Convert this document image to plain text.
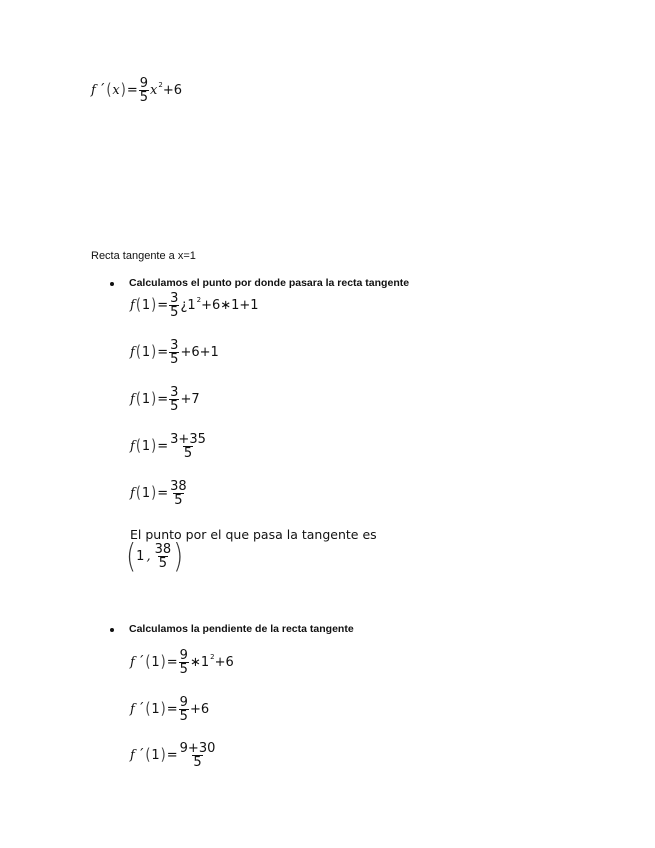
f ´ ( x ) = $\frac{9}{5}$ x 2 +6
Recta tangente a x=1
Calculamos el punto por donde pasara la recta tangente
f ( 1 ) = $\frac{3}{5}$ ¿1 2 +6∗1+1
f ( 1 ) = $\frac{3}{5} +6+1$
f ( 1 ) = $\frac{3}{5} +7$
f ( 1 ) = $\frac{3+35}{5}$
f ( 1 ) = $\frac{38}{5}$
El punto por el que pasa la tangente es
( 1 , $\frac{38}{5}$ )
Calculamos la pendiente de la recta tangente
f ´ ( 1 ) = $\frac{9}{5}$ ∗1 2 +6
f ´ ( 1 ) = $\frac{9}{5} +6$
f ´ ( 1 ) = $\frac{9+30}{5}$
